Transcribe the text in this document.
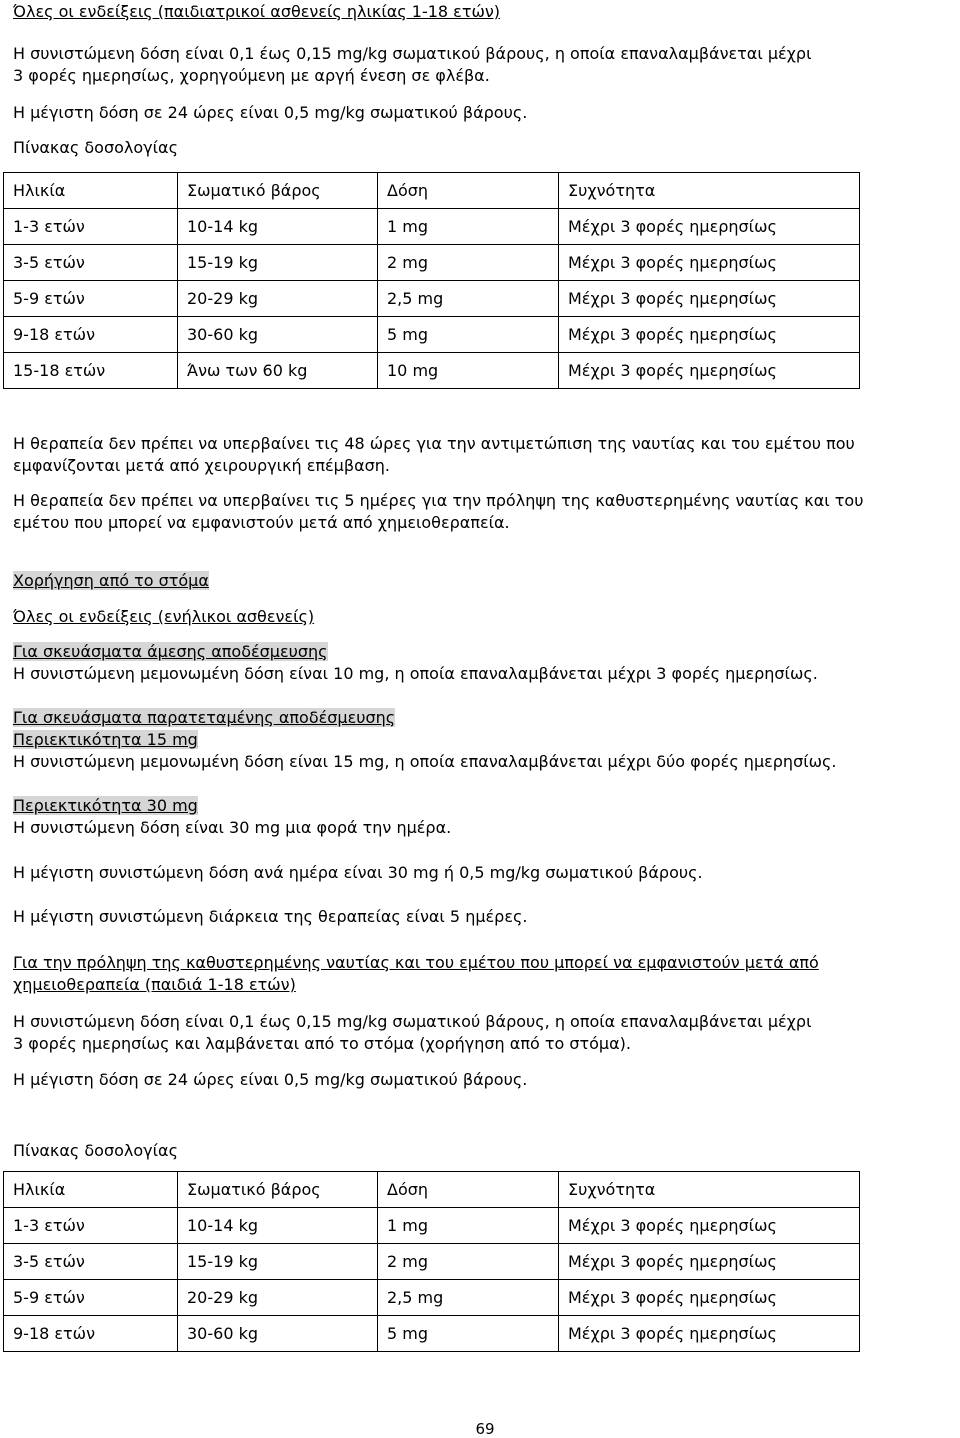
Όλες οι ενδείξεις (παιδιατρικοί ασθενείς ηλικίας 1-18 ετών)
Η συνιστώμενη δόση είναι 0,1 έως 0,15 mg/kg σωματικού βάρους, η οποία επαναλαμβάνεται μέχρι
3 φορές ημερησίως, χορηγούμενη με αργή ένεση σε φλέβα.
Η μέγιστη δόση σε 24 ώρες είναι 0,5 mg/kg σωματικού βάρους.
Πίνακας δοσολογίας
Ηλικία	Σωματικό βάρος	Δόση	Συχνότητα
1-3 ετών	10-14 kg	1 mg	Μέχρι 3 φορές ημερησίως
3-5 ετών	15-19 kg	2 mg	Μέχρι 3 φορές ημερησίως
5-9 ετών	20-29 kg	2,5 mg	Μέχρι 3 φορές ημερησίως
9-18 ετών	30-60 kg	5 mg	Μέχρι 3 φορές ημερησίως
15-18 ετών	Άνω των 60 kg	10 mg	Μέχρι 3 φορές ημερησίως
Η θεραπεία δεν πρέπει να υπερβαίνει τις 48 ώρες για την αντιμετώπιση της ναυτίας και του εμέτου που
εμφανίζονται μετά από χειρουργική επέμβαση.
Η θεραπεία δεν πρέπει να υπερβαίνει τις 5 ημέρες για την πρόληψη της καθυστερημένης ναυτίας και του
εμέτου που μπορεί να εμφανιστούν μετά από χημειοθεραπεία.
Χορήγηση από το στόμα
Όλες οι ενδείξεις (ενήλικοι ασθενείς)
Για σκευάσματα άμεσης αποδέσμευσης
Η συνιστώμενη μεμονωμένη δόση είναι 10 mg, η οποία επαναλαμβάνεται μέχρι 3 φορές ημερησίως.
Για σκευάσματα παρατεταμένης αποδέσμευσης
Περιεκτικότητα 15 mg
Η συνιστώμενη μεμονωμένη δόση είναι 15 mg, η οποία επαναλαμβάνεται μέχρι δύο φορές ημερησίως.
Περιεκτικότητα 30 mg
Η συνιστώμενη δόση είναι 30 mg μια φορά την ημέρα.
Η μέγιστη συνιστώμενη δόση ανά ημέρα είναι 30 mg ή 0,5 mg/kg σωματικού βάρους.
Η μέγιστη συνιστώμενη διάρκεια της θεραπείας είναι 5 ημέρες.
Για την πρόληψη της καθυστερημένης ναυτίας και του εμέτου που μπορεί να εμφανιστούν μετά από
χημειοθεραπεία (παιδιά 1-18 ετών)
Η συνιστώμενη δόση είναι 0,1 έως 0,15 mg/kg σωματικού βάρους, η οποία επαναλαμβάνεται μέχρι
3 φορές ημερησίως και λαμβάνεται από το στόμα (χορήγηση από το στόμα).
Η μέγιστη δόση σε 24 ώρες είναι 0,5 mg/kg σωματικού βάρους.
Πίνακας δοσολογίας
Ηλικία	Σωματικό βάρος	Δόση	Συχνότητα
1-3 ετών	10-14 kg	1 mg	Μέχρι 3 φορές ημερησίως
3-5 ετών	15-19 kg	2 mg	Μέχρι 3 φορές ημερησίως
5-9 ετών	20-29 kg	2,5 mg	Μέχρι 3 φορές ημερησίως
9-18 ετών	30-60 kg	5 mg	Μέχρι 3 φορές ημερησίως
69
